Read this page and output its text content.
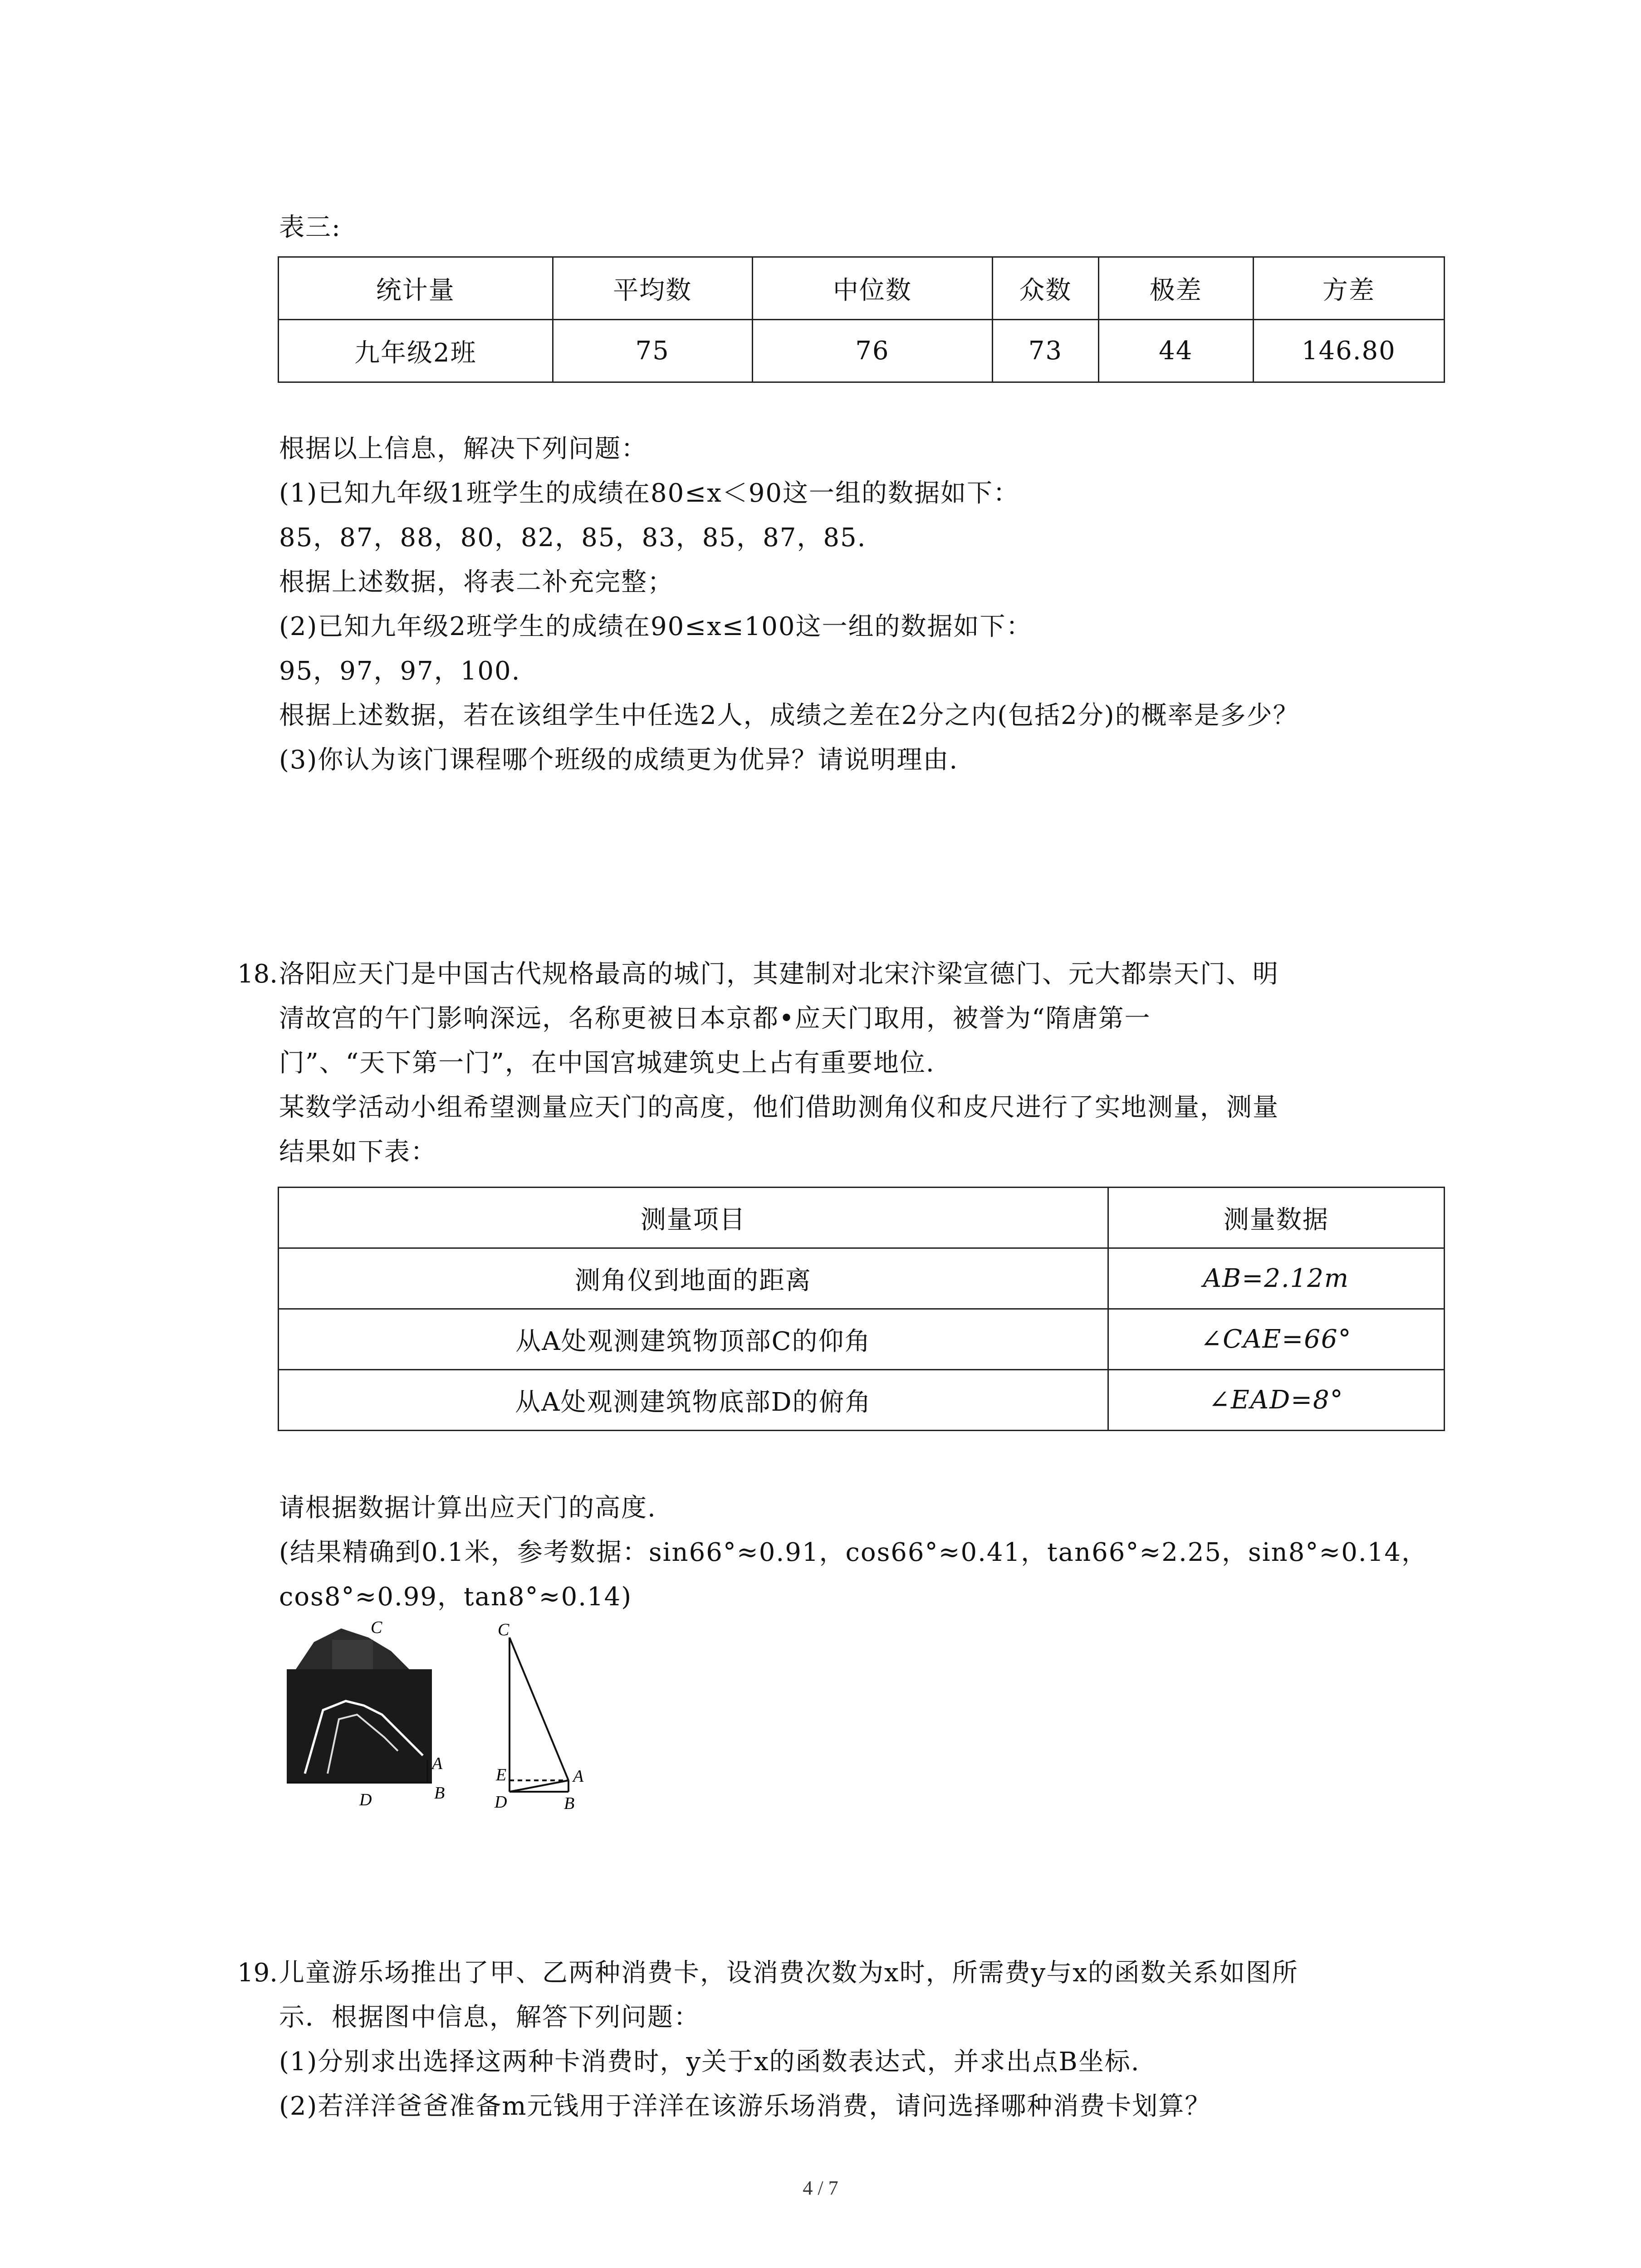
表三:
统计量	平均数	中位数	众数	极差	方差
九年级2班	75	76	73	44	146.80
根据以上信息，解决下列问题：
(1)已知九年级1班学生的成绩在80≤x＜90这一组的数据如下：
85，87，88，80，82，85，83，85，87，85.
根据上述数据，将表二补充完整；
(2)已知九年级2班学生的成绩在90≤x≤100这一组的数据如下：
95，97，97，100.
根据上述数据，若在该组学生中任选2人，成绩之差在2分之内(包括2分)的概率是多少？
(3)你认为该门课程哪个班级的成绩更为优异？请说明理由.
18. 洛阳应天门是中国古代规格最高的城门，其建制对北宋汴梁宣德门、元大都崇天门、明
清故宫的午门影响深远，名称更被日本京都•应天门取用，被誉为“隋唐第一
门”、“天下第一门”，在中国宫城建筑史上占有重要地位.
某数学活动小组希望测量应天门的高度，他们借助测角仪和皮尺进行了实地测量，测量
结果如下表：
测量项目	测量数据
测角仪到地面的距离	AB=2.12m
从A处观测建筑物顶部C的仰角	∠CAE=66°
从A处观测建筑物底部D的俯角	∠EAD=8°
请根据数据计算出应天门的高度.
(结果精确到0.1米，参考数据：sin66°≈0.91，cos66°≈0.41，tan66°≈2.25，sin8°≈0.14，
cos8°≈0.99，tan8°≈0.14)
C
A
B
D
C
E	A
D	B
19. 儿童游乐场推出了甲、乙两种消费卡，设消费次数为x时，所需费y与x的函数关系如图所
示．根据图中信息，解答下列问题：
(1)分别求出选择这两种卡消费时，y关于x的函数表达式，并求出点B坐标.
(2)若洋洋爸爸准备m元钱用于洋洋在该游乐场消费，请问选择哪种消费卡划算？
4 / 7
